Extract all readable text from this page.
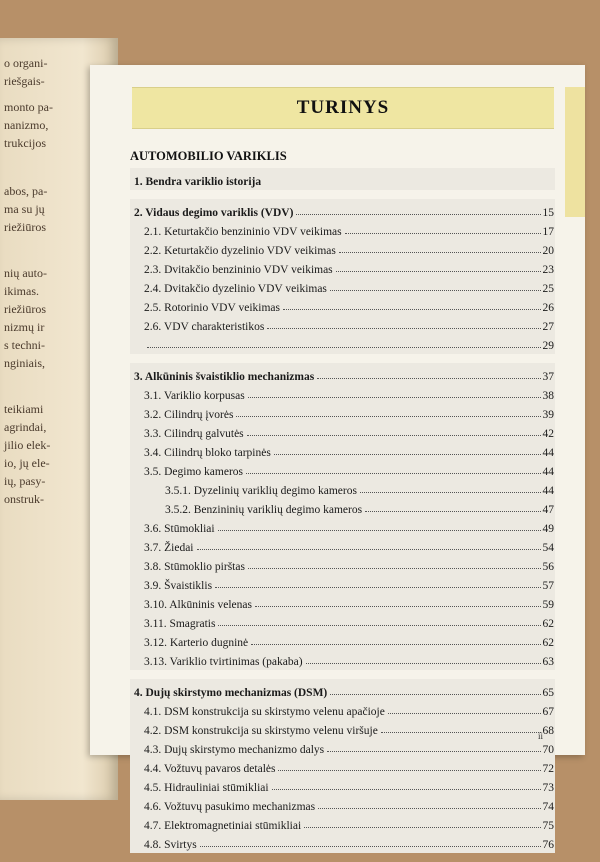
o organi-
riešgais-
monto pa-
nanizmo,
trukcijos
abos, pa-
ma su jų
riežiūros
nių auto-
ikimas.
riežiūros
nizmų ir
s techni-
nginiais,
teikiami
agrindai,
jilio elek-
io, jų ele-
ių, pasy-
onstruk-
TURINYS
AUTOMOBILIO VARIKLIS
1. Bendra variklio istorija
2. Vidaus degimo variklis (VDV)	15
2.1. Keturtakčio benzininio VDV veikimas	17
2.2. Keturtakčio dyzelinio VDV veikimas	20
2.3. Dvitakčio benzininio VDV veikimas	23
2.4. Dvitakčio dyzelinio VDV veikimas	25
2.5. Rotorinio VDV veikimas	26
2.6. VDV charakteristikos	27
29
3. Alkūninis švaistiklio mechanizmas	37
3.1. Variklio korpusas	38
3.2. Cilindrų įvorės	39
3.3. Cilindrų galvutės	42
3.4. Cilindrų bloko tarpinės	44
3.5. Degimo kameros	44
3.5.1. Dyzelinių variklių degimo kameros	44
3.5.2. Benzininių variklių degimo kameros	47
3.6. Stūmokliai	49
3.7. Žiedai	54
3.8. Stūmoklio pirštas	56
3.9. Švaistiklis	57
3.10. Alkūninis velenas	59
3.11. Smagratis	62
3.12. Karterio dugninė	62
3.13. Variklio tvirtinimas (pakaba)	63
4. Dujų skirstymo mechanizmas (DSM)	65
4.1. DSM konstrukcija su skirstymo velenu apačioje	67
4.2. DSM konstrukcija su skirstymo velenu viršuje	68
4.3. Dujų skirstymo mechanizmo dalys	70
4.4. Vožtuvų pavaros detalės	72
4.5. Hidrauliniai stūmikliai	73
4.6. Vožtuvų pasukimo mechanizmas	74
4.7. Elektromagnetiniai stūmikliai	75
4.8. Svirtys	76
ii
